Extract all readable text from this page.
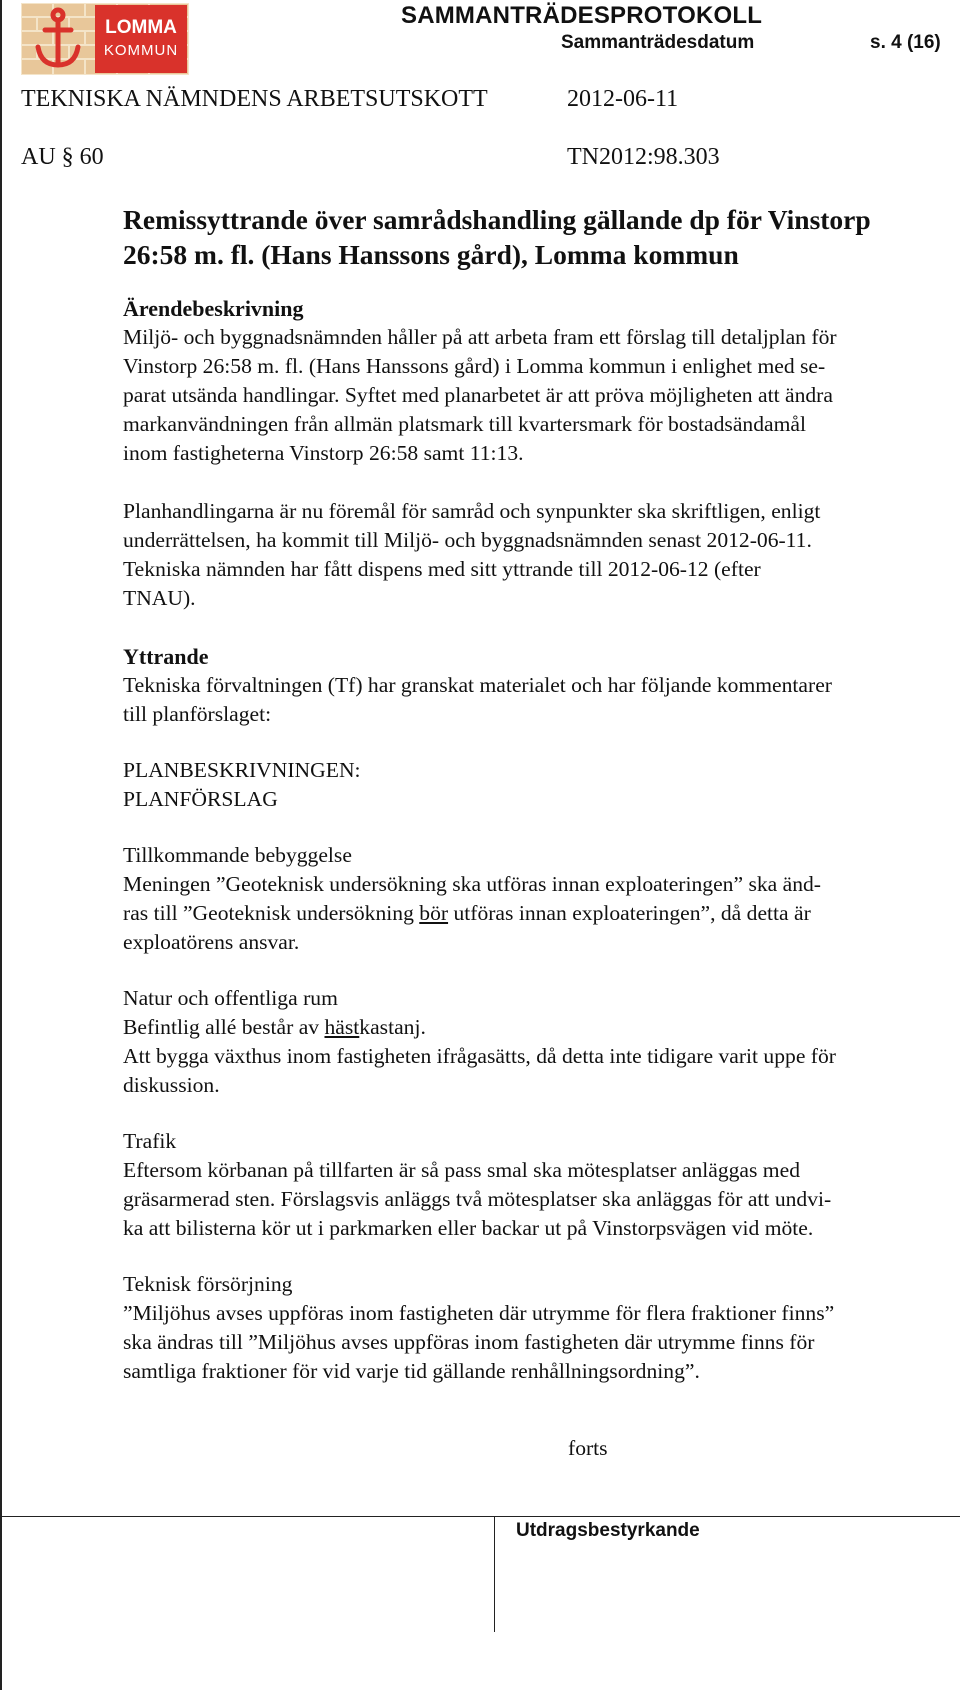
LOMMA
KOMMUN
SAMMANTRÄDESPROTOKOLL
Sammanträdesdatum	s. 4 (16)
TEKNISKA NÄMNDENS ARBETSUTSKOTT	2012-06-11
AU § 60	TN2012:98.303
Remissyttrande över samrådshandling gällande dp för Vinstorp
26:58 m. fl. (Hans Hanssons gård), Lomma kommun
Ärendebeskrivning

Miljö- och byggnadsnämnden håller på att arbeta fram ett förslag till detaljplan för
Vinstorp 26:58 m. fl. (Hans Hanssons gård) i Lomma kommun i enlighet med se-
parat utsända handlingar. Syftet med planarbetet är att pröva möjligheten att ändra
markanvändningen från allmän platsmark till kvartersmark för bostadsändamål
inom fastigheterna Vinstorp 26:58 samt 11:13.

Planhandlingarna är nu föremål för samråd och synpunkter ska skriftligen, enligt
underrättelsen, ha kommit till Miljö- och byggnadsnämnden senast 2012-06-11.
Tekniska nämnden har fått dispens med sitt yttrande till 2012-06-12 (efter
TNAU).

Yttrande

Tekniska förvaltningen (Tf) har granskat materialet och har följande kommentarer
till planförslaget:

PLANBESKRIVNINGEN:

PLANFÖRSLAG

Tillkommande bebyggelse

Meningen ”Geoteknisk undersökning ska utföras innan exploateringen” ska änd-
ras till ”Geoteknisk undersökning bör utföras innan exploateringen”, då detta är
exploatörens ansvar.

Natur och offentliga rum

Befintlig allé består av hästkastanj.
Att bygga växthus inom fastigheten ifrågasätts, då detta inte tidigare varit uppe för
diskussion.

Trafik

Eftersom körbanan på tillfarten är så pass smal ska mötesplatser anläggas med
gräsarmerad sten. Förslagsvis anläggs två mötesplatser ska anläggas för att undvi-
ka att bilisterna kör ut i parkmarken eller backar ut på Vinstorpsvägen vid möte.

Teknisk försörjning

”Miljöhus avses uppföras inom fastigheten där utrymme för flera fraktioner finns”
ska ändras till ”Miljöhus avses uppföras inom fastigheten där utrymme finns för
samtliga fraktioner för vid varje tid gällande renhållningsordning”.

forts
Utdragsbestyrkande
